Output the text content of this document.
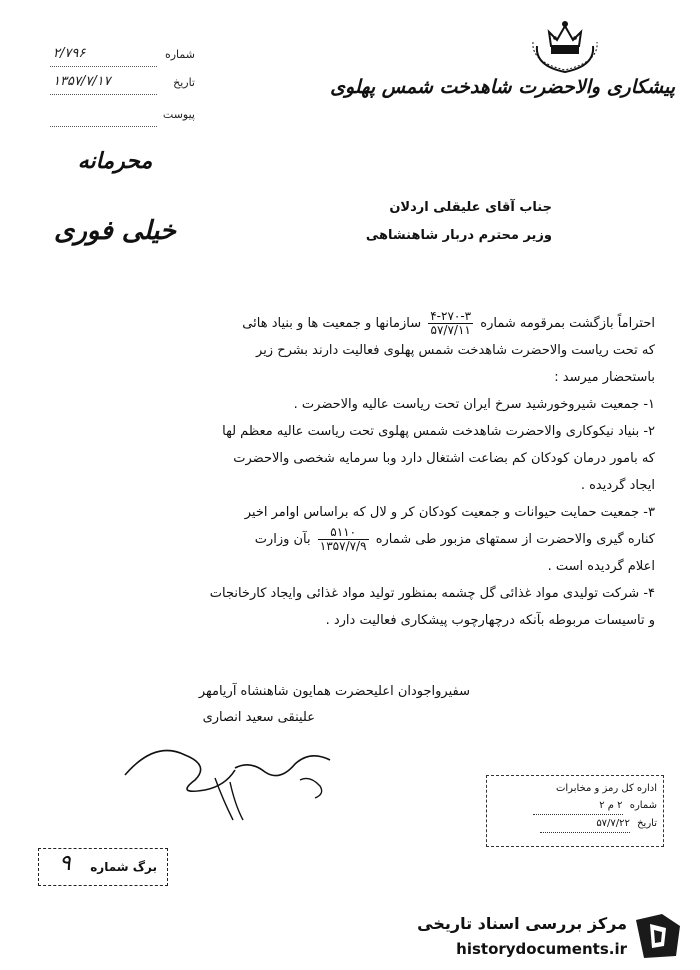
پیشکاری والاحضرت شاهدخت شمس پهلوی
شماره
۲/۷۹۶
تاریخ
۱۳۵۷/۷/۱۷
پیوست
محرمانه
خیلی فوری
جناب آقای علیقلی اردلان
وزیر محترم دربار شاهنشاهی

احتراماً بازگشت بمرقومه شماره
$\frac{۴-۲۷۰-۳}{۵۷/۷/۱۱}$
سازمانها و جمعیت ها و بنیاد هائی

که تحت ریاست والاحضرت شاهدخت شمس پهلوی فعالیت دارند بشرح زیر

باستحضار میرسد :

۱- جمعیت شیروخورشید سرخ ایران تحت ریاست عالیه والاحضرت .

۲- بنیاد نیکوکاری والاحضرت شاهدخت شمس پهلوی تحت ریاست عالیه معظم لها

که بامور درمان کودکان کم بضاعت اشتغال دارد وبا سرمایه شخصی والاحضرت

ایجاد گردیده .

۳- جمعیت حمایت حیوانات و جمعیت کودکان کر و لال که براساس اوامر اخیر

کناره گیری والاحضرت از سمتهای مزبور طی شماره
$\frac{۵۱۱۰}{۱۳۵۷/۷/۹}$
بآن وزارت

اعلام گردیده است .

۴- شرکت تولیدی مواد غذائی گل چشمه بمنظور تولید مواد غذائی وایجاد کارخانجات

و تاسیسات مربوطه بآنکه درچهارچوب پیشکاری فعالیت دارد .

سفیرواجودان اعلیحضرت همایون شاهنشاه آریامهر
علینقی سعید انصاری
اداره کل رمز و مخابرات
شماره ۲ م ۲
تاریخ ۵۷/۷/۲۲
برگ شماره
۹
مرکز بررسی اسناد تاریخی
historydocuments.ir
